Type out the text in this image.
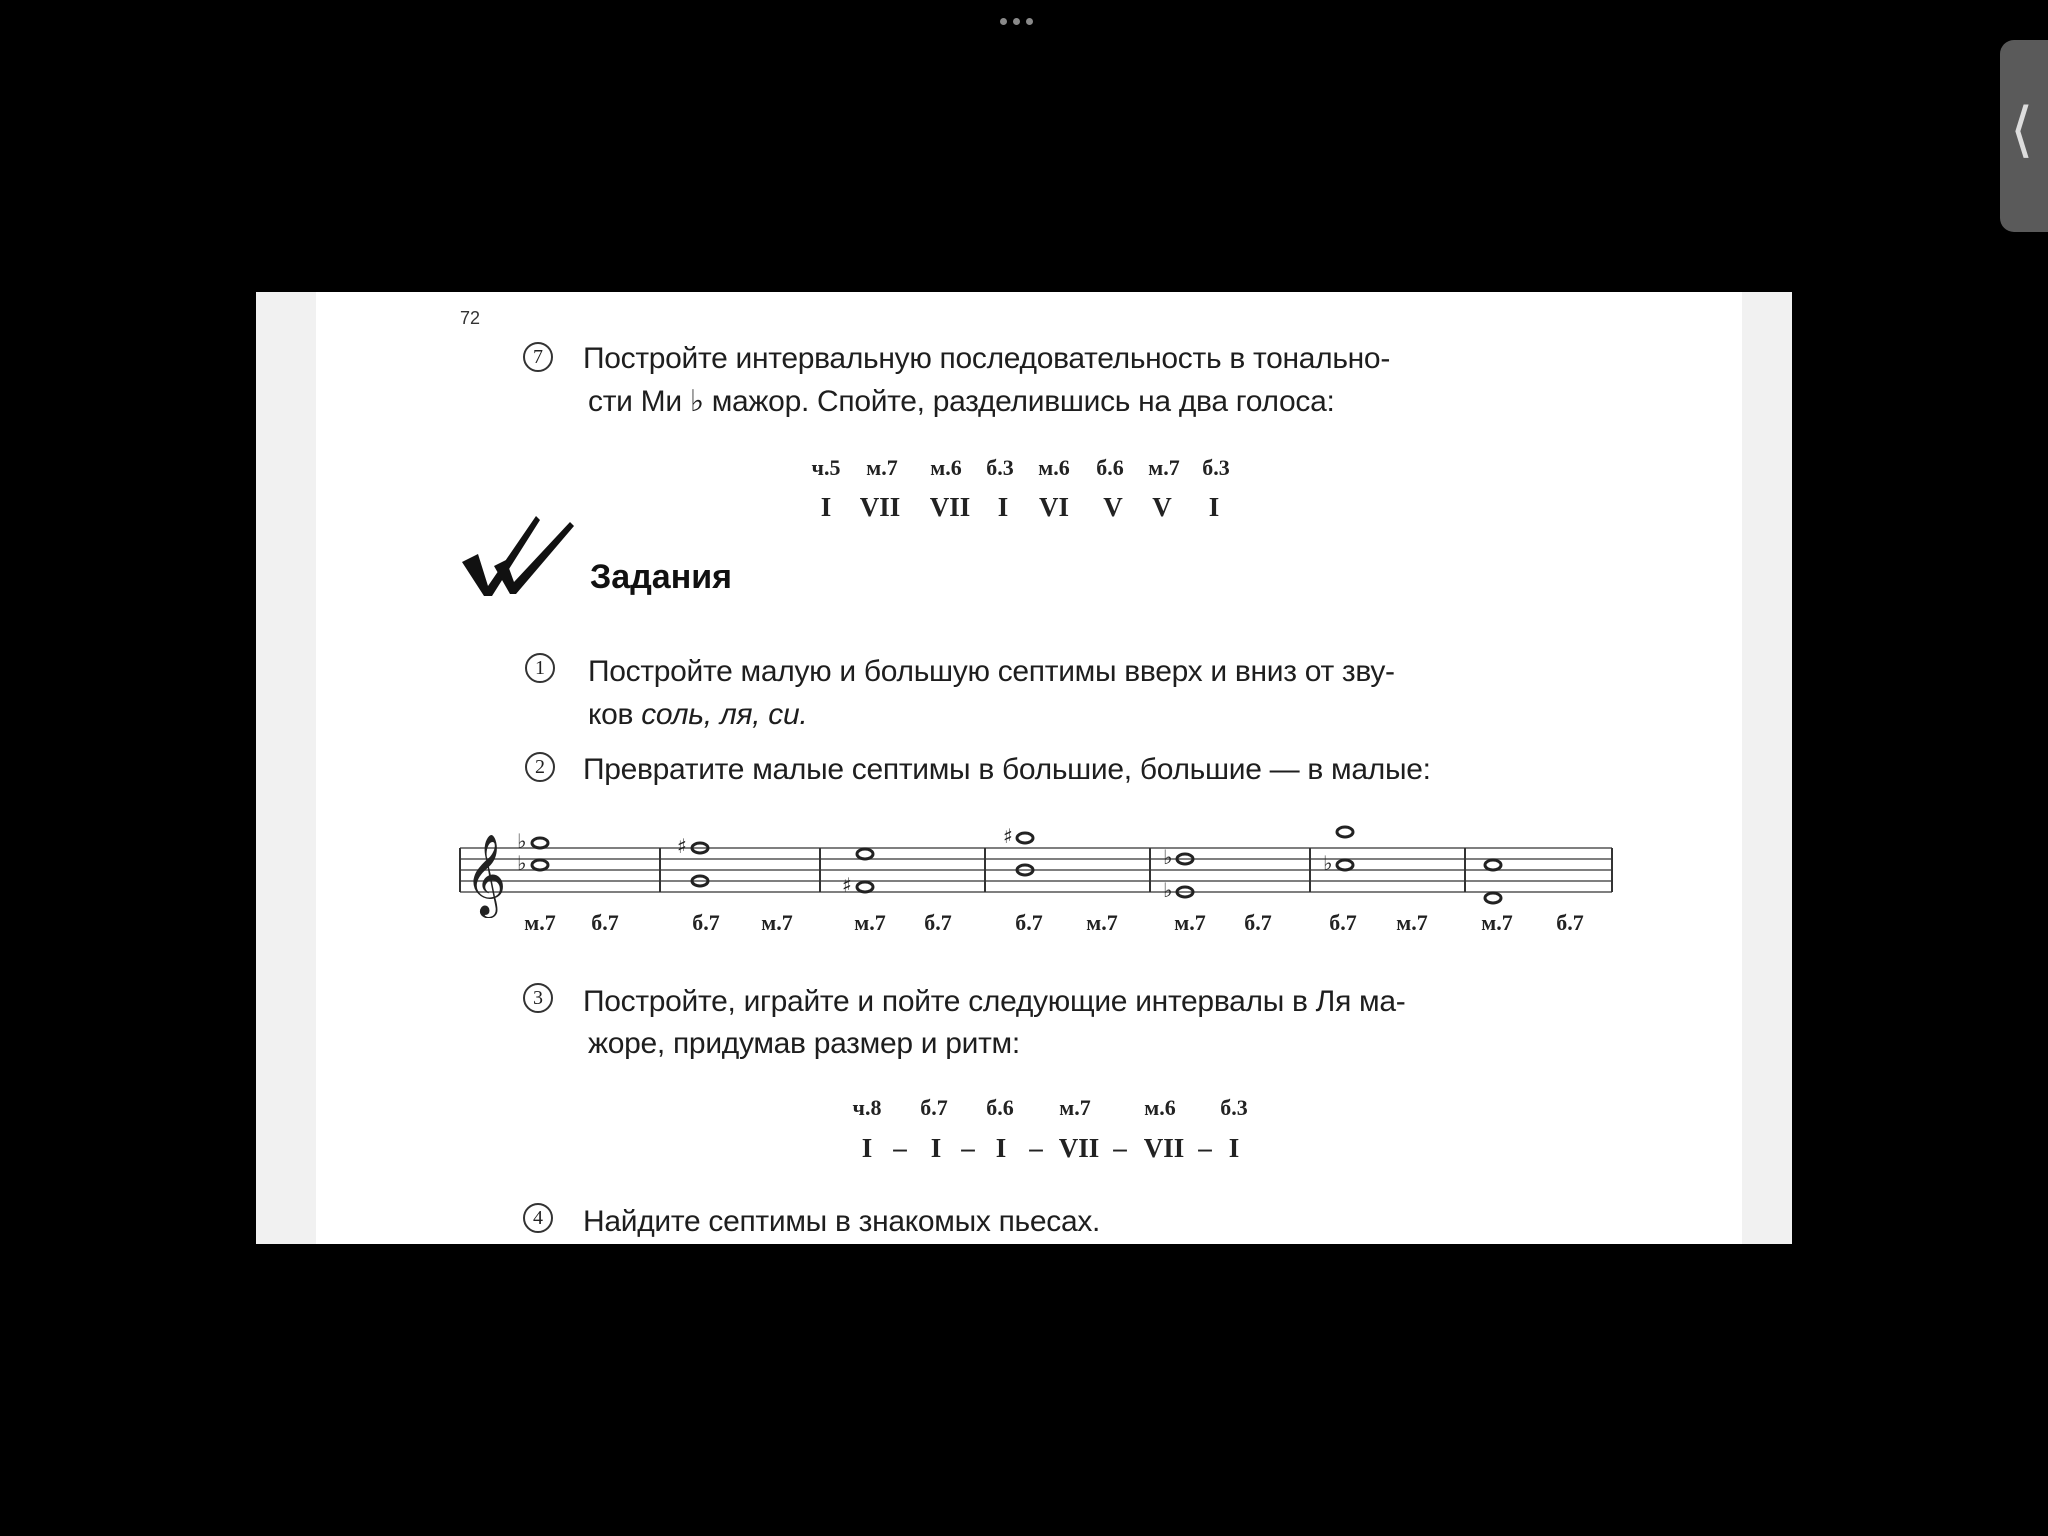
⟨
72
7	Постройте интервальную последовательность в тонально-
сти Ми ♭ мажор. Спойте, разделившись на два голоса:
ч.5 м.7 м.6 б.3 м.6 б.6 м.7 б.3
I VII VII I VI V V I
Задания
1	Постройте малую и большую септимы вверх и вниз от зву-
ков соль, ля, си.
2	Превратите малые септимы в большие, большие — в малые:
𝄞 ♭
♭
♯
♯
♯
♭
♭
♭
м.7 б.7	б.7 м.7	м.7 б.7	б.7 м.7	м.7 б.7	б.7 м.7 м.7 б.7
3	Постройте, играйте и пойте следующие интервалы в Ля ма-
жоре, придумав размер и ритм:
ч.8 б.7 б.6 м.7 м.6 б.3
I – I – I – VII – VII – I
4	Найдите септимы в знакомых пьесах.
